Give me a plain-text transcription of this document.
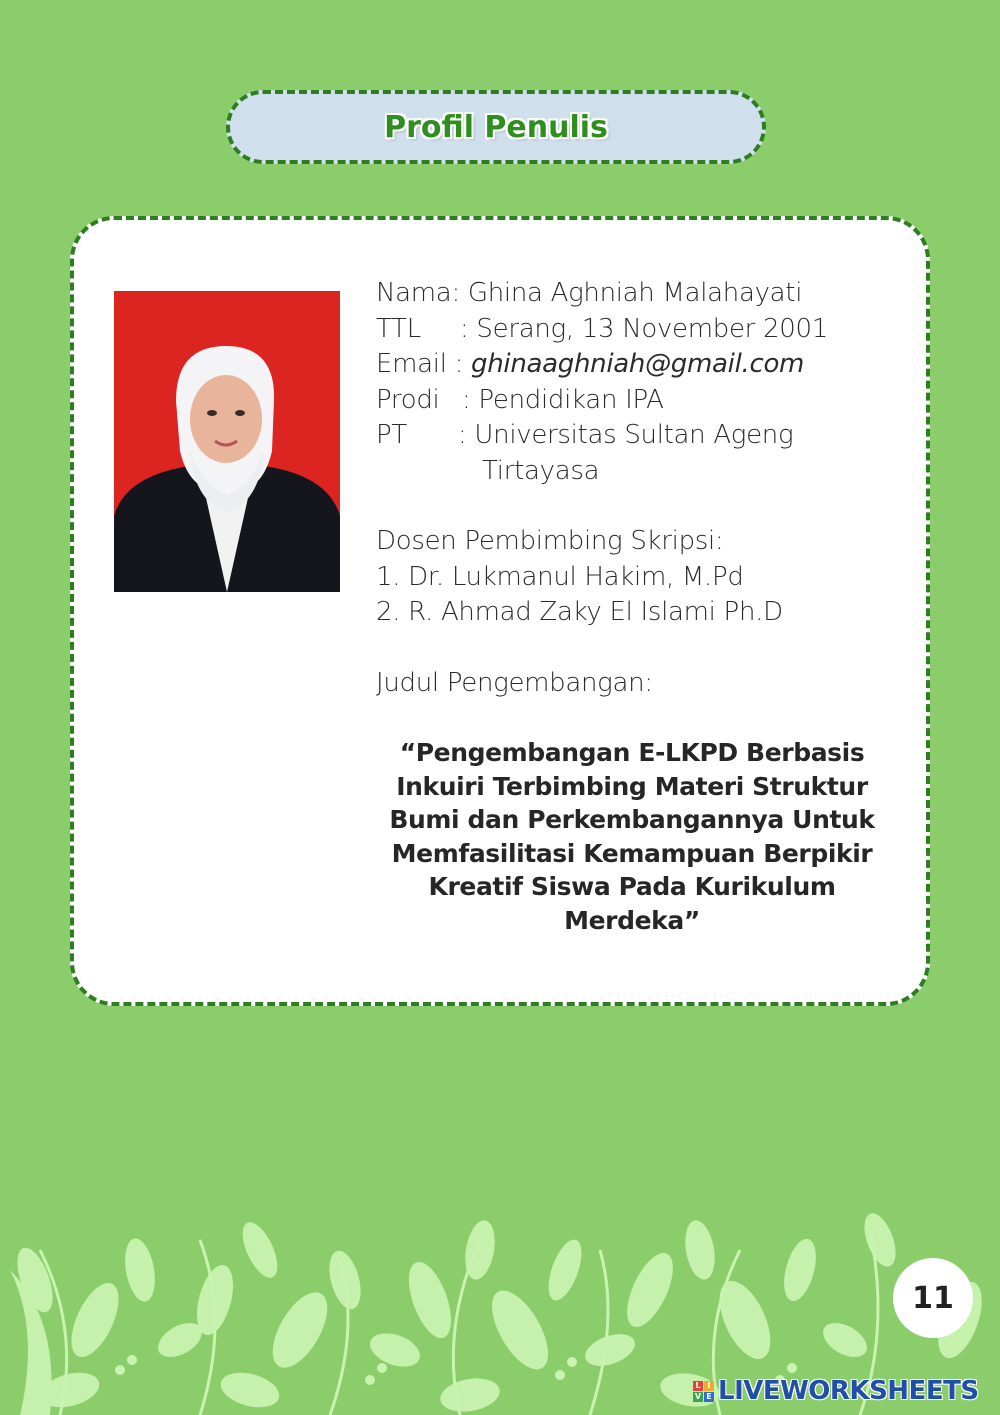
Profil Penulis
Nama:
Ghina Aghniah Malahayati
TTL	: Serang, 13 November 2001
Email :
ghinaaghniah@gmail.com
Prodi : Pendidikan IPA
PT	: Universitas Sultan Ageng
Tirtayasa
Dosen Pembimbing Skripsi:
1. Dr. Lukmanul Hakim, M.Pd
2. R. Ahmad Zaky El Islami Ph.D
Judul Pengembangan:
“Pengembangan E-LKPD Berbasis
Inkuiri Terbimbing Materi Struktur
Bumi dan Perkembangannya Untuk
Memfasilitasi Kemampuan Berpikir
Kreatif Siswa Pada Kurikulum
Merdeka”
11
L I
V E LIVEWORKSHEETS
